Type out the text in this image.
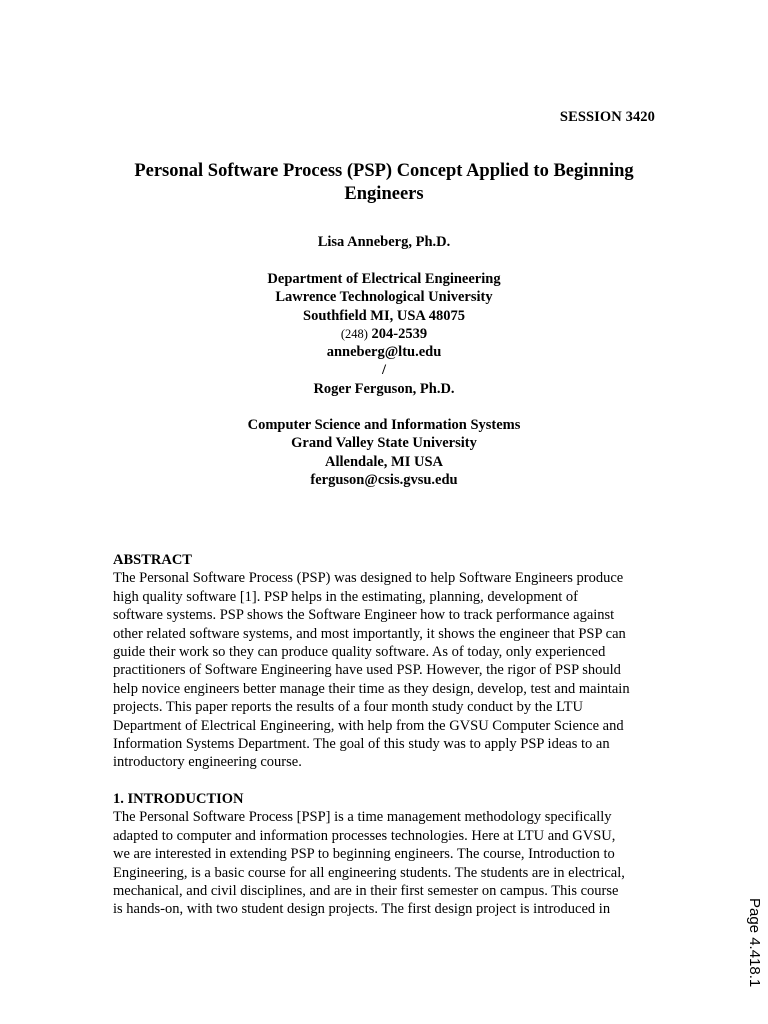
SESSION 3420
Personal Software Process (PSP) Concept Applied to Beginning
Engineers
Lisa Anneberg, Ph.D.
Department of Electrical Engineering
Lawrence Technological University
Southfield MI, USA 48075
(248) 204-2539
anneberg@ltu.edu
/
Roger Ferguson, Ph.D.
Computer Science and Information Systems
Grand Valley State University
Allendale, MI USA
ferguson@csis.gvsu.edu
ABSTRACT
The Personal Software Process (PSP) was designed to help Software Engineers produce
high quality software [1]. PSP helps in the estimating, planning, development of
software systems. PSP shows the Software Engineer how to track performance against
other related software systems, and most importantly, it shows the engineer that PSP can
guide their work so they can produce quality software. As of today, only experienced
practitioners of Software Engineering have used PSP. However, the rigor of PSP should
help novice engineers better manage their time as they design, develop, test and maintain
projects. This paper reports the results of a four month study conduct by the LTU
Department of Electrical Engineering, with help from the GVSU Computer Science and
Information Systems Department. The goal of this study was to apply PSP ideas to an
introductory engineering course.
1. INTRODUCTION
The Personal Software Process [PSP] is a time management methodology specifically
adapted to computer and information processes technologies. Here at LTU and GVSU,
we are interested in extending PSP to beginning engineers. The course, Introduction to
Engineering, is a basic course for all engineering students. The students are in electrical,
mechanical, and civil disciplines, and are in their first semester on campus. This course
is hands-on, with two student design projects. The first design project is introduced in	Page 4.418.1
